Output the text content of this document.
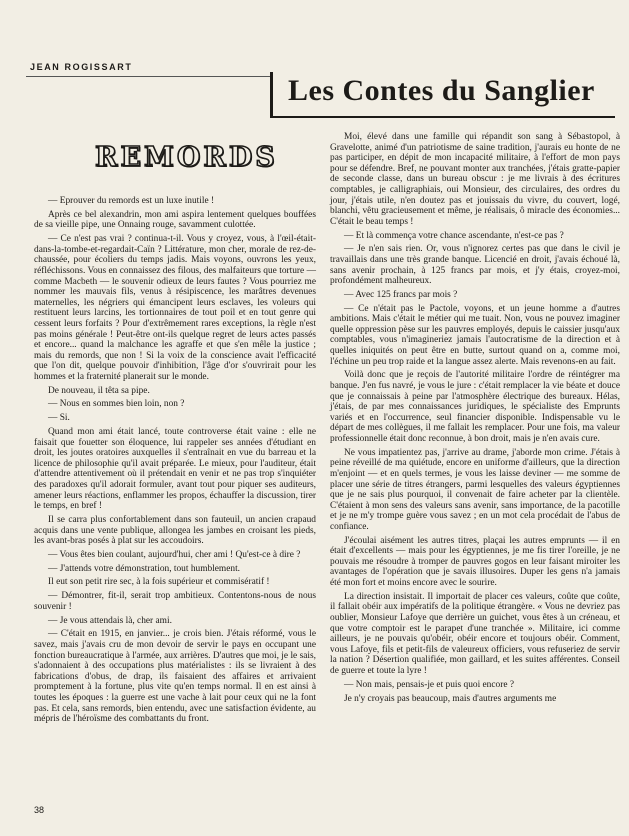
JEAN ROGISSART
Les Contes du Sanglier
REMORDS

— Eprouver du remords est un luxe inutile !

Après ce bel alexandrin, mon ami aspira lentement quelques bouffées de sa vieille pipe, une Onnaing rouge, savamment culottée.

— Ce n'est pas vrai ? continua-t-il. Vous y croyez, vous, à l'œil-était-dans-la-tombe-et-regardait-Caïn ? Littérature, mon cher, morale de rez-de-chaussée, pour écoliers du temps jadis. Mais voyons, ouvrons les yeux, réfléchissons. Vous en connaissez des filous, des malfaiteurs que torture — comme Macbeth — le souvenir odieux de leurs fautes ? Vous pourriez me nommer les mauvais fils, venus à résipiscence, les marâtres devenues maternelles, les négriers qui émancipent leurs esclaves, les voleurs qui restituent leurs larcins, les tortionnaires de tout poil et en tout genre qui cessent leurs forfaits ? Pour d'extrêmement rares exceptions, la règle n'est pas moins générale ! Peut-être ont-ils quelque regret de leurs actes passés et encore... quand la malchance les agraffe et que s'en mêle la justice ; mais du remords, que non ! Si la voix de la conscience avait l'efficacité que l'on dit, quelque pouvoir d'inhibition, l'âge d'or s'ouvrirait pour les hommes et la fraternité planerait sur le monde.

De nouveau, il têta sa pipe.

— Nous en sommes bien loin, non ?

— Si.

Quand mon ami était lancé, toute controverse était vaine : elle ne faisait que fouetter son éloquence, lui rappeler ses années d'étudiant en droit, les joutes oratoires auxquelles il s'entraînait en vue du barreau et la licence de philosophie qu'il avait préparée. Le mieux, pour l'auditeur, était d'attendre attentivement où il prétendait en venir et ne pas trop s'inquiéter des paradoxes qu'il adorait formuler, avant tout pour piquer ses auditeurs, amener leurs réactions, enflammer les propos, échauffer la discussion, tirer le temps, en bref !

Il se carra plus confortablement dans son fauteuil, un ancien crapaud acquis dans une vente publique, allongea les jambes en croisant les pieds, les avant-bras posés à plat sur les accoudoirs.

— Vous êtes bien coulant, aujourd'hui, cher ami ! Qu'est-ce à dire ?

— J'attends votre démonstration, tout humblement.

Il eut son petit rire sec, à la fois supérieur et commisératif !

— Démontrer, fit-il, serait trop ambitieux. Contentons-nous de nous souvenir !

— Je vous attendais là, cher ami.

— C'était en 1915, en janvier... je crois bien. J'étais réformé, vous le savez, mais j'avais cru de mon devoir de servir le pays en occupant une fonction bureaucratique à l'armée, aux arrières. D'autres que moi, je le sais, s'adonnaient à des occupations plus matérialistes : ils se livraient à des fabrications d'obus, de drap, ils faisaient des affaires et arrivaient promptement à la fortune, plus vite qu'en temps normal. Il en est ainsi à toutes les époques : la guerre est une vache à lait pour ceux qui ne la font pas. Et cela, sans remords, bien entendu, avec une satisfaction évidente, au mépris de l'héroïsme des combattants du front.

Moi, élevé dans une famille qui répandit son sang à Sébastopol, à Gravelotte, animé d'un patriotisme de saine tradition, j'aurais eu honte de ne pas participer, en dépit de mon incapacité militaire, à l'effort de mon pays pour se défendre. Bref, ne pouvant monter aux tranchées, j'étais gratte-papier de seconde classe, dans un bureau obscur : je me livrais à des écritures comptables, je calligraphiais, oui Monsieur, des circulaires, des ordres du jour, j'étais utile, n'en doutez pas et jouissais du vivre, du couvert, logé, blanchi, vêtu gracieusement et même, je réalisais, ô miracle des économies... C'était le beau temps !

— Et là commença votre chance ascendante, n'est-ce pas ?

— Je n'en sais rien. Or, vous n'ignorez certes pas que dans le civil je travaillais dans une très grande banque. Licencié en droit, j'avais échoué là, sans avenir prochain, à 125 francs par mois, et j'y étais, croyez-moi, profondément malheureux.

— Avec 125 francs par mois ?

— Ce n'était pas le Pactole, voyons, et un jeune homme a d'autres ambitions. Mais c'était le métier qui me tuait. Non, vous ne pouvez imaginer quelle oppression pèse sur les pauvres employés, depuis le caissier jusqu'aux comptables, vous n'imagineriez jamais l'autocratisme de la direction et à quelles iniquités on peut être en butte, surtout quand on a, comme moi, l'échine un peu trop raide et la langue assez alerte. Mais revenons-en au fait.

Voilà donc que je reçois de l'autorité militaire l'ordre de réintégrer ma banque. J'en fus navré, je vous le jure : c'était remplacer la vie béate et douce que je connaissais à peine par l'atmosphère électrique des bureaux. Hélas, j'étais, de par mes connaissances juridiques, le spécialiste des Emprunts variés et en l'occurrence, seul financier disponible. Indispensable vu le départ de mes collègues, il me fallait les remplacer. Pour une fois, ma valeur professionnelle était donc reconnue, à bon droit, mais je n'en avais cure.

Ne vous impatientez pas, j'arrive au drame, j'aborde mon crime. J'étais à peine réveillé de ma quiétude, encore en uniforme d'ailleurs, que la direction m'enjoint — et en quels termes, je vous les laisse deviner — me somme de placer une série de titres étrangers, parmi lesquelles des valeurs égyptiennes que je ne sais plus pourquoi, il convenait de faire acheter par la clientèle. C'étaient à mon sens des valeurs sans avenir, sans importance, de la pacotille et je ne m'y trompe guère vous savez ; en un mot cela procédait de l'abus de confiance.

J'écoulai aisément les autres titres, plaçai les autres emprunts — il en était d'excellents — mais pour les égyptiennes, je me fis tirer l'oreille, je ne pouvais me résoudre à tromper de pauvres gogos en leur faisant miroiter les avantages de l'opération que je savais illusoires. Duper les gens n'a jamais été mon fort et moins encore avec le sourire.

La direction insistait. Il importait de placer ces valeurs, coûte que coûte, il fallait obéir aux impératifs de la politique étrangère. « Vous ne devriez pas oublier, Monsieur Lafoye que derrière un guichet, vous êtes à un créneau, et que votre comptoir est le parapet d'une tranchée ». Militaire, ici comme ailleurs, je ne pouvais qu'obéir, obéir encore et toujours obéir. Comment, vous Lafoye, fils et petit-fils de valeureux officiers, vous refuseriez de servir la nation ? Désertion qualifiée, mon gaillard, et les suites afférentes. Conseil de guerre et toute la lyre !

— Non mais, pensais-je et puis quoi encore ?

Je n'y croyais pas beaucoup, mais d'autres arguments me

38
